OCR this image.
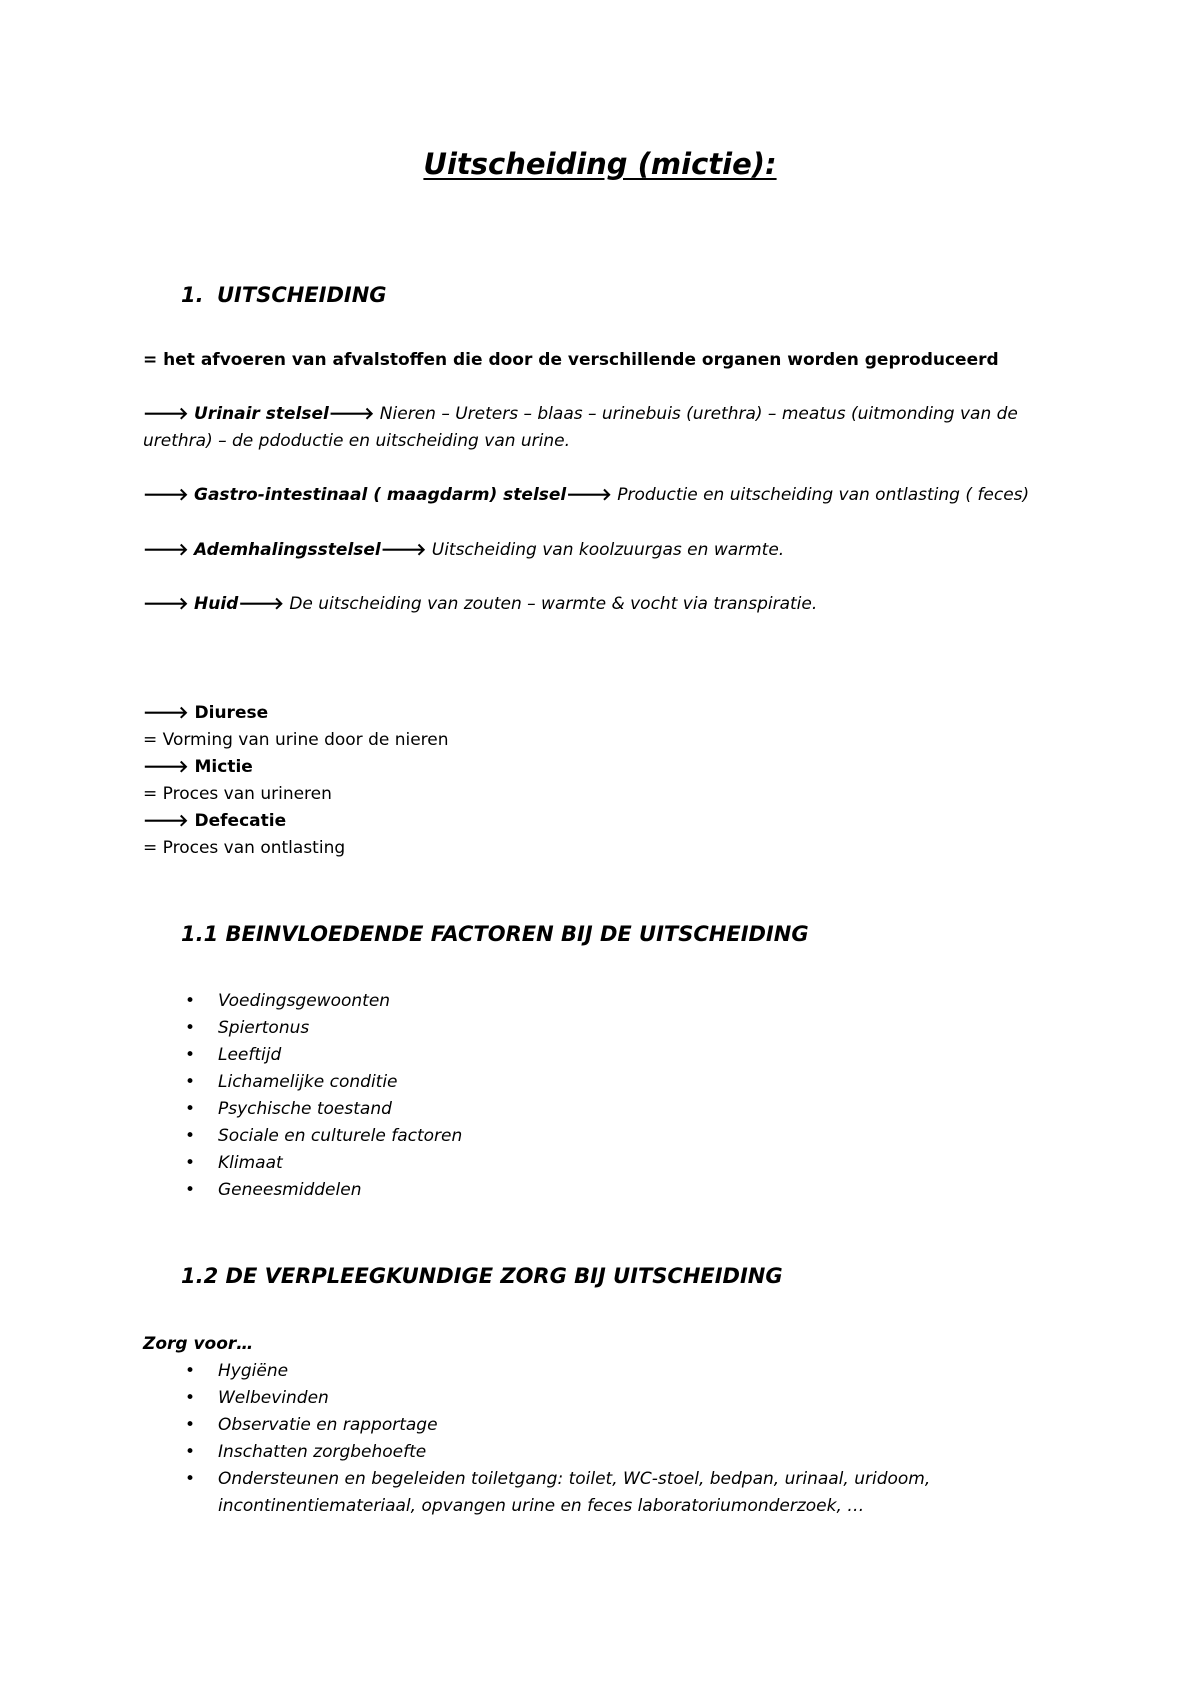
Uitscheiding (mictie):
1. UITSCHEIDING
= het afvoeren van afvalstoffen die door de verschillende organen worden geproduceerd
🡒 Urinair stelsel🡒 Nieren – Ureters – blaas – urinebuis (urethra) – meatus (uitmonding van de
urethra) – de pdoductie en uitscheiding van urine.
🡒 Gastro-intestinaal ( maagdarm) stelsel🡒 Productie en uitscheiding van ontlasting ( feces)
🡒 Ademhalingsstelsel🡒 Uitscheiding van koolzuurgas en warmte.
🡒 Huid🡒 De uitscheiding van zouten – warmte & vocht via transpiratie.
🡒 Diurese
= Vorming van urine door de nieren
🡒 Mictie
= Proces van urineren
🡒 Defecatie
= Proces van ontlasting
1.1 BEINVLOEDENDE FACTOREN BIJ DE UITSCHEIDING
• Voedingsgewoonten
• Spiertonus
• Leeftijd
• Lichamelijke conditie
• Psychische toestand
• Sociale en culturele factoren
• Klimaat
• Geneesmiddelen
1.2 DE VERPLEEGKUNDIGE ZORG BIJ UITSCHEIDING
Zorg voor…
• Hygiëne
• Welbevinden
• Observatie en rapportage
• Inschatten zorgbehoefte
• Ondersteunen en begeleiden toiletgang: toilet, WC-stoel, bedpan, urinaal, uridoom, incontinentiemateriaal, opvangen urine en feces laboratoriumonderzoek, …
